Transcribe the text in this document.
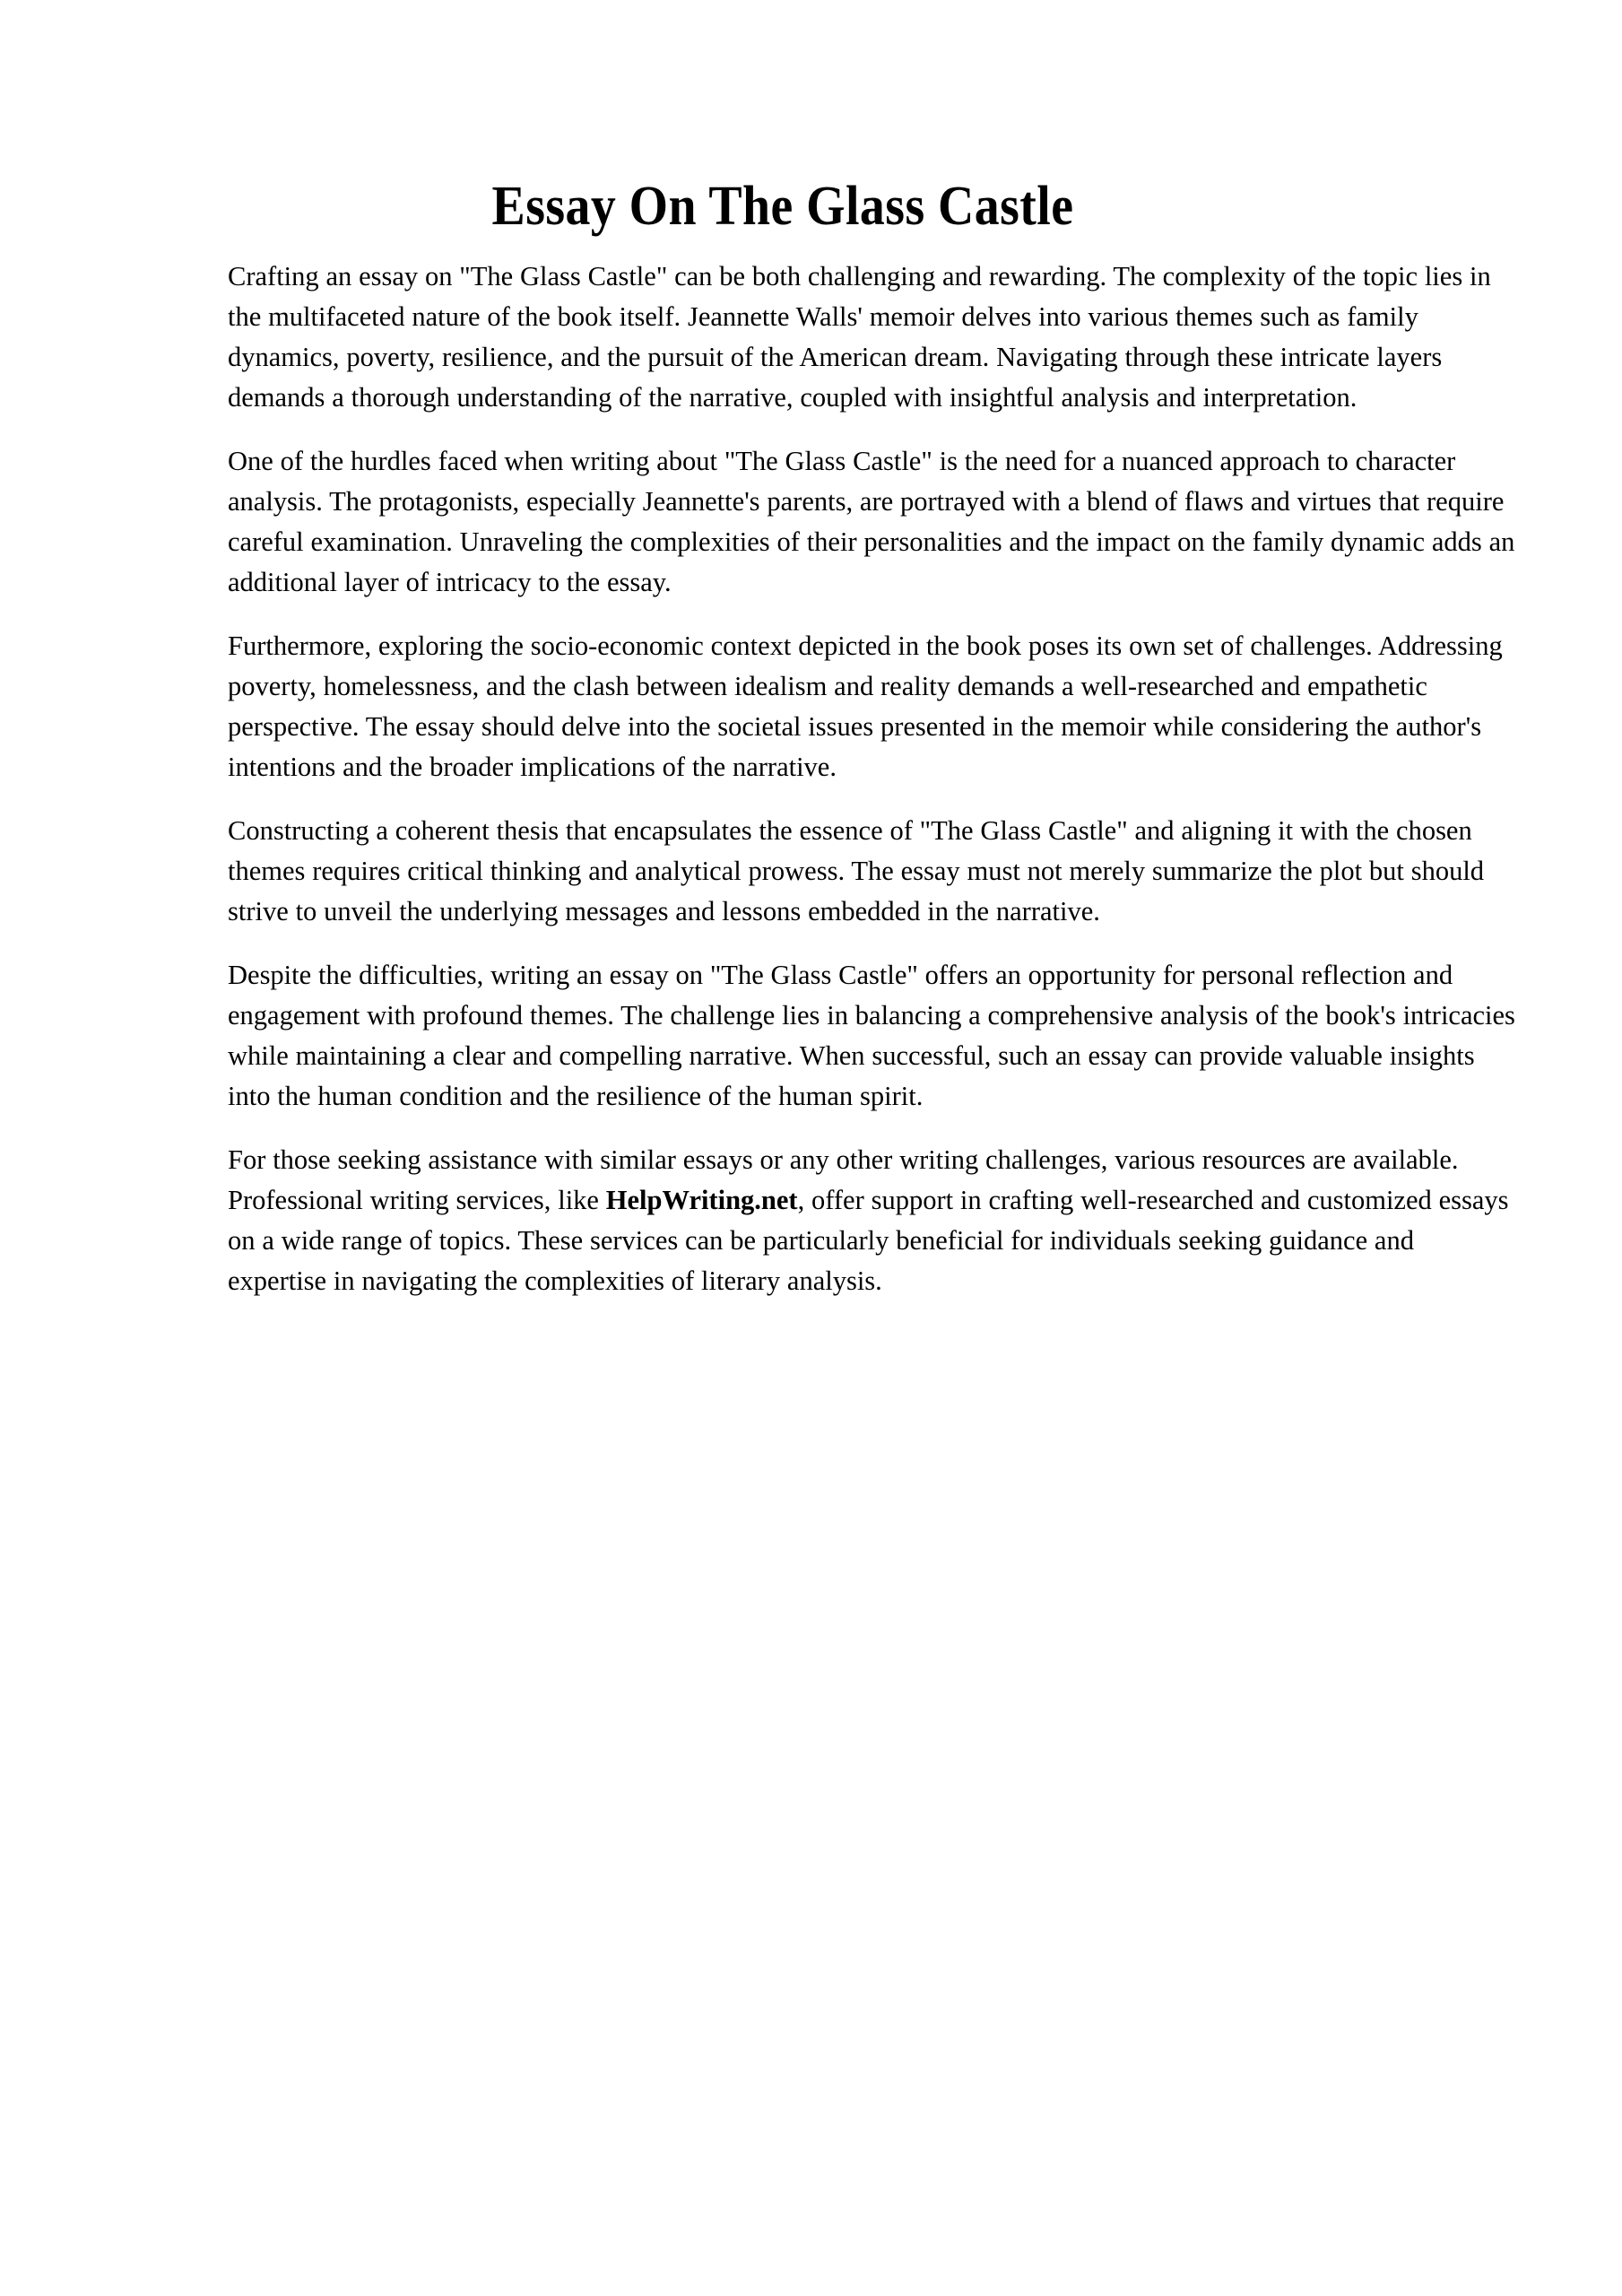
Essay On The Glass Castle

Crafting an essay on "The Glass Castle" can be both challenging and rewarding. The complexity of the topic lies in the multifaceted nature of the book itself. Jeannette Walls' memoir delves into various themes such as family dynamics, poverty, resilience, and the pursuit of the American dream. Navigating through these intricate layers demands a thorough understanding of the narrative, coupled with insightful analysis and interpretation.

One of the hurdles faced when writing about "The Glass Castle" is the need for a nuanced approach to character analysis. The protagonists, especially Jeannette's parents, are portrayed with a blend of flaws and virtues that require careful examination. Unraveling the complexities of their personalities and the impact on the family dynamic adds an additional layer of intricacy to the essay.

Furthermore, exploring the socio-economic context depicted in the book poses its own set of challenges. Addressing poverty, homelessness, and the clash between idealism and reality demands a well-researched and empathetic perspective. The essay should delve into the societal issues presented in the memoir while considering the author's intentions and the broader implications of the narrative.

Constructing a coherent thesis that encapsulates the essence of "The Glass Castle" and aligning it with the chosen themes requires critical thinking and analytical prowess. The essay must not merely summarize the plot but should strive to unveil the underlying messages and lessons embedded in the narrative.

Despite the difficulties, writing an essay on "The Glass Castle" offers an opportunity for personal reflection and engagement with profound themes. The challenge lies in balancing a comprehensive analysis of the book's intricacies while maintaining a clear and compelling narrative. When successful, such an essay can provide valuable insights into the human condition and the resilience of the human spirit.

For those seeking assistance with similar essays or any other writing challenges, various resources are available. Professional writing services, like HelpWriting.net, offer support in crafting well-researched and customized essays on a wide range of topics. These services can be particularly beneficial for individuals seeking guidance and expertise in navigating the complexities of literary analysis.
